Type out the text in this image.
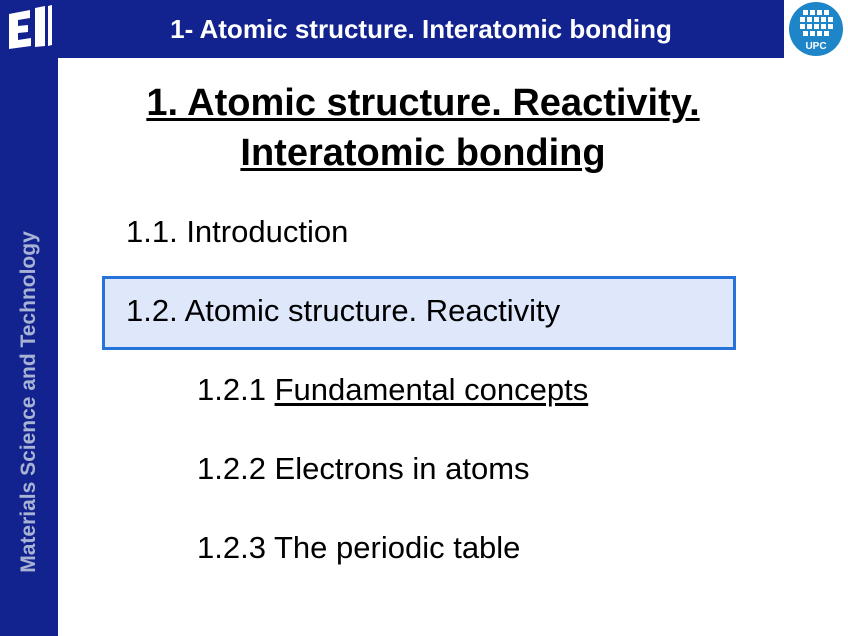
1- Atomic structure. Interatomic bonding
UPC
Materials Science and Technology
1. Atomic structure. Reactivity.
Interatomic bonding
1.1. Introduction
1.2. Atomic structure. Reactivity
1.2.1 Fundamental concepts
1.2.2 Electrons in atoms
1.2.3 The periodic table
